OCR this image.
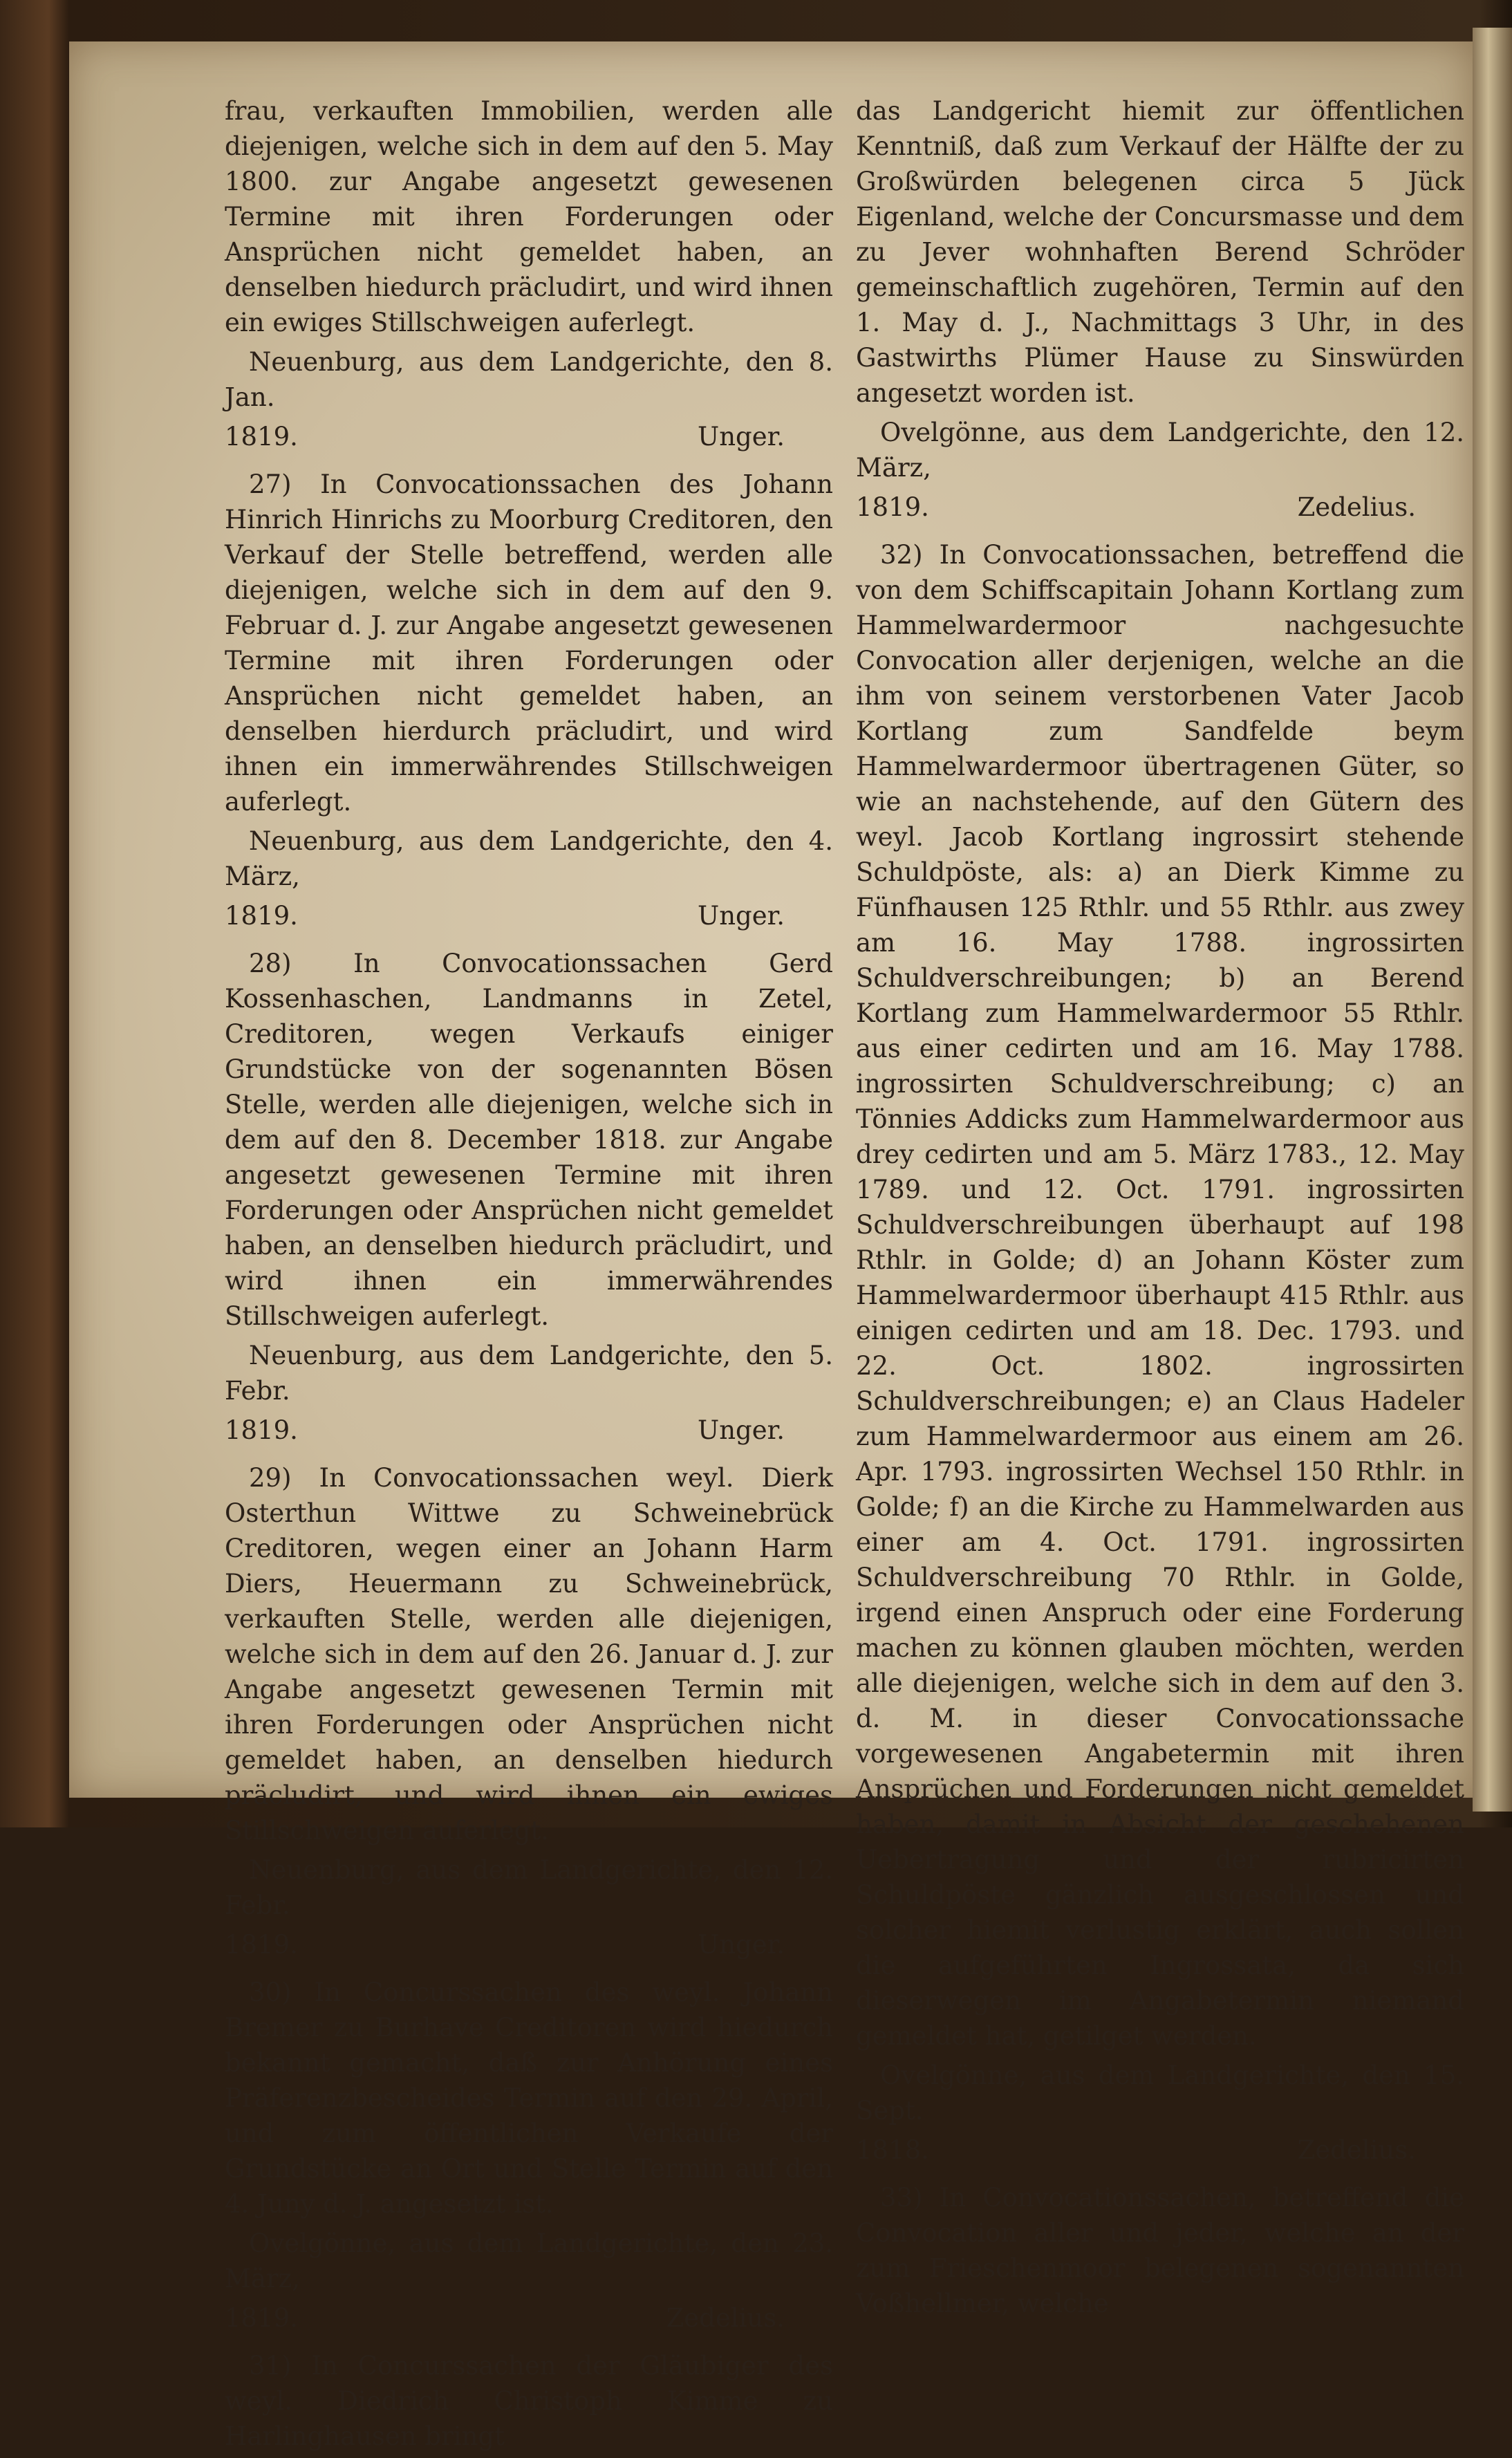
frau, verkauften Immobilien, werden alle diejenigen, welche sich in dem auf den 5. May 1800. zur Angabe angesetzt gewesenen Termine mit ihren Forderungen oder Ansprüchen nicht gemeldet haben, an denselben hiedurch präcludirt, und wird ihnen ein ewiges Stillschweigen auferlegt.

Neuenburg, aus dem Landgerichte, den 8. Jan.
1819.	Unger.

27) In Convocationssachen des Johann Hinrich Hinrichs zu Moorburg Creditoren, den Verkauf der Stelle betreffend, werden alle diejenigen, welche sich in dem auf den 9. Februar d. J. zur Angabe angesetzt gewesenen Termine mit ihren Forderungen oder Ansprüchen nicht gemeldet haben, an denselben hierdurch präcludirt, und wird ihnen ein immerwährendes Stillschweigen auferlegt.

Neuenburg, aus dem Landgerichte, den 4. März,
1819.	Unger.

28) In Convocationssachen Gerd Kossenhaschen, Landmanns in Zetel, Creditoren, wegen Verkaufs einiger Grundstücke von der sogenannten Bösen Stelle, werden alle diejenigen, welche sich in dem auf den 8. December 1818. zur Angabe angesetzt gewesenen Termine mit ihren Forderungen oder Ansprüchen nicht gemeldet haben, an denselben hiedurch präcludirt, und wird ihnen ein immerwährendes Stillschweigen auferlegt.

Neuenburg, aus dem Landgerichte, den 5. Febr.
1819.	Unger.

29) In Convocationssachen weyl. Dierk Osterthun Wittwe zu Schweinebrück Creditoren, wegen einer an Johann Harm Diers, Heuermann zu Schweinebrück, verkauften Stelle, werden alle diejenigen, welche sich in dem auf den 26. Januar d. J. zur Angabe angesetzt gewesenen Termin mit ihren Forderungen oder Ansprüchen nicht gemeldet haben, an denselben hiedurch präcludirt, und wird ihnen ein ewiges Stillschweigen auferlegt.

Neuenburg, aus dem Landgerichte, den 12. Febr.
1819.	Unger.

30) In Concurssachen des weyl. Johann Bremer zu Burhave Creditoren wird hiedurch bekannt gemacht, daß zur Anhörung eines Präferenzbescheides Termin auf den 29. April, und zum öffentlichen Verkaufe der Grundstücke an Ort und Stelle Termin auf den 4. Juny d. J. angesetzt ist.

Ovelgönne, aus dem Landgerichte, den 23. März,
1819.	Zedelius.

31) In Concurssachen der Gläubiger des weyl. Diedrich Christoph Kimme zu Harlinghausen bringt

das Landgericht hiemit zur öffentlichen Kenntniß, daß zum Verkauf der Hälfte der zu Großwürden belegenen circa 5 Jück Eigenland, welche der Concursmasse und dem zu Jever wohnhaften Berend Schröder gemeinschaftlich zugehören, Termin auf den 1. May d. J., Nachmittags 3 Uhr, in des Gastwirths Plümer Hause zu Sinswürden angesetzt worden ist.

Ovelgönne, aus dem Landgerichte, den 12. März,
1819.	Zedelius.

32) In Convocationssachen, betreffend die von dem Schiffscapitain Johann Kortlang zum Hammelwardermoor nachgesuchte Convocation aller derjenigen, welche an die ihm von seinem verstorbenen Vater Jacob Kortlang zum Sandfelde beym Hammelwardermoor übertragenen Güter, so wie an nachstehende, auf den Gütern des weyl. Jacob Kortlang ingrossirt stehende Schuldpöste, als: a) an Dierk Kimme zu Fünfhausen 125 Rthlr. und 55 Rthlr. aus zwey am 16. May 1788. ingrossirten Schuldverschreibungen; b) an Berend Kortlang zum Hammelwardermoor 55 Rthlr. aus einer cedirten und am 16. May 1788. ingrossirten Schuldverschreibung; c) an Tönnies Addicks zum Hammelwardermoor aus drey cedirten und am 5. März 1783., 12. May 1789. und 12. Oct. 1791. ingrossirten Schuldverschreibungen überhaupt auf 198 Rthlr. in Golde; d) an Johann Köster zum Hammelwardermoor überhaupt 415 Rthlr. aus einigen cedirten und am 18. Dec. 1793. und 22. Oct. 1802. ingrossirten Schuldverschreibungen; e) an Claus Hadeler zum Hammelwardermoor aus einem am 26. Apr. 1793. ingrossirten Wechsel 150 Rthlr. in Golde; f) an die Kirche zu Hammelwarden aus einer am 4. Oct. 1791. ingrossirten Schuldverschreibung 70 Rthlr. in Golde, irgend einen Anspruch oder eine Forderung machen zu können glauben möchten, werden alle diejenigen, welche sich in dem auf den 3. d. M. in dieser Convocationssache vorgewesenen Angabetermin mit ihren Ansprüchen und Forderungen nicht gemeldet haben, damit in Absicht der geschehenen Uebertragung und der rubricirten Schuldpöste gänzlich ausgeschlossen und solcher hiemit verlustig erklärt, auch sollen die aufgeführten Ingrossata, da sich dieserwegen im Angabetermin niemand gemeldet hat, getilget werden.

Ovelgönne, aus dem Landgerichte, den 15. Sept.
1818.	Zedelius.

33) In Convocationssachen, betreffend die Convocation aller und jeder, welche an der zum Frieschenmoor belegenen sogenannten Voßhellmer, welche
